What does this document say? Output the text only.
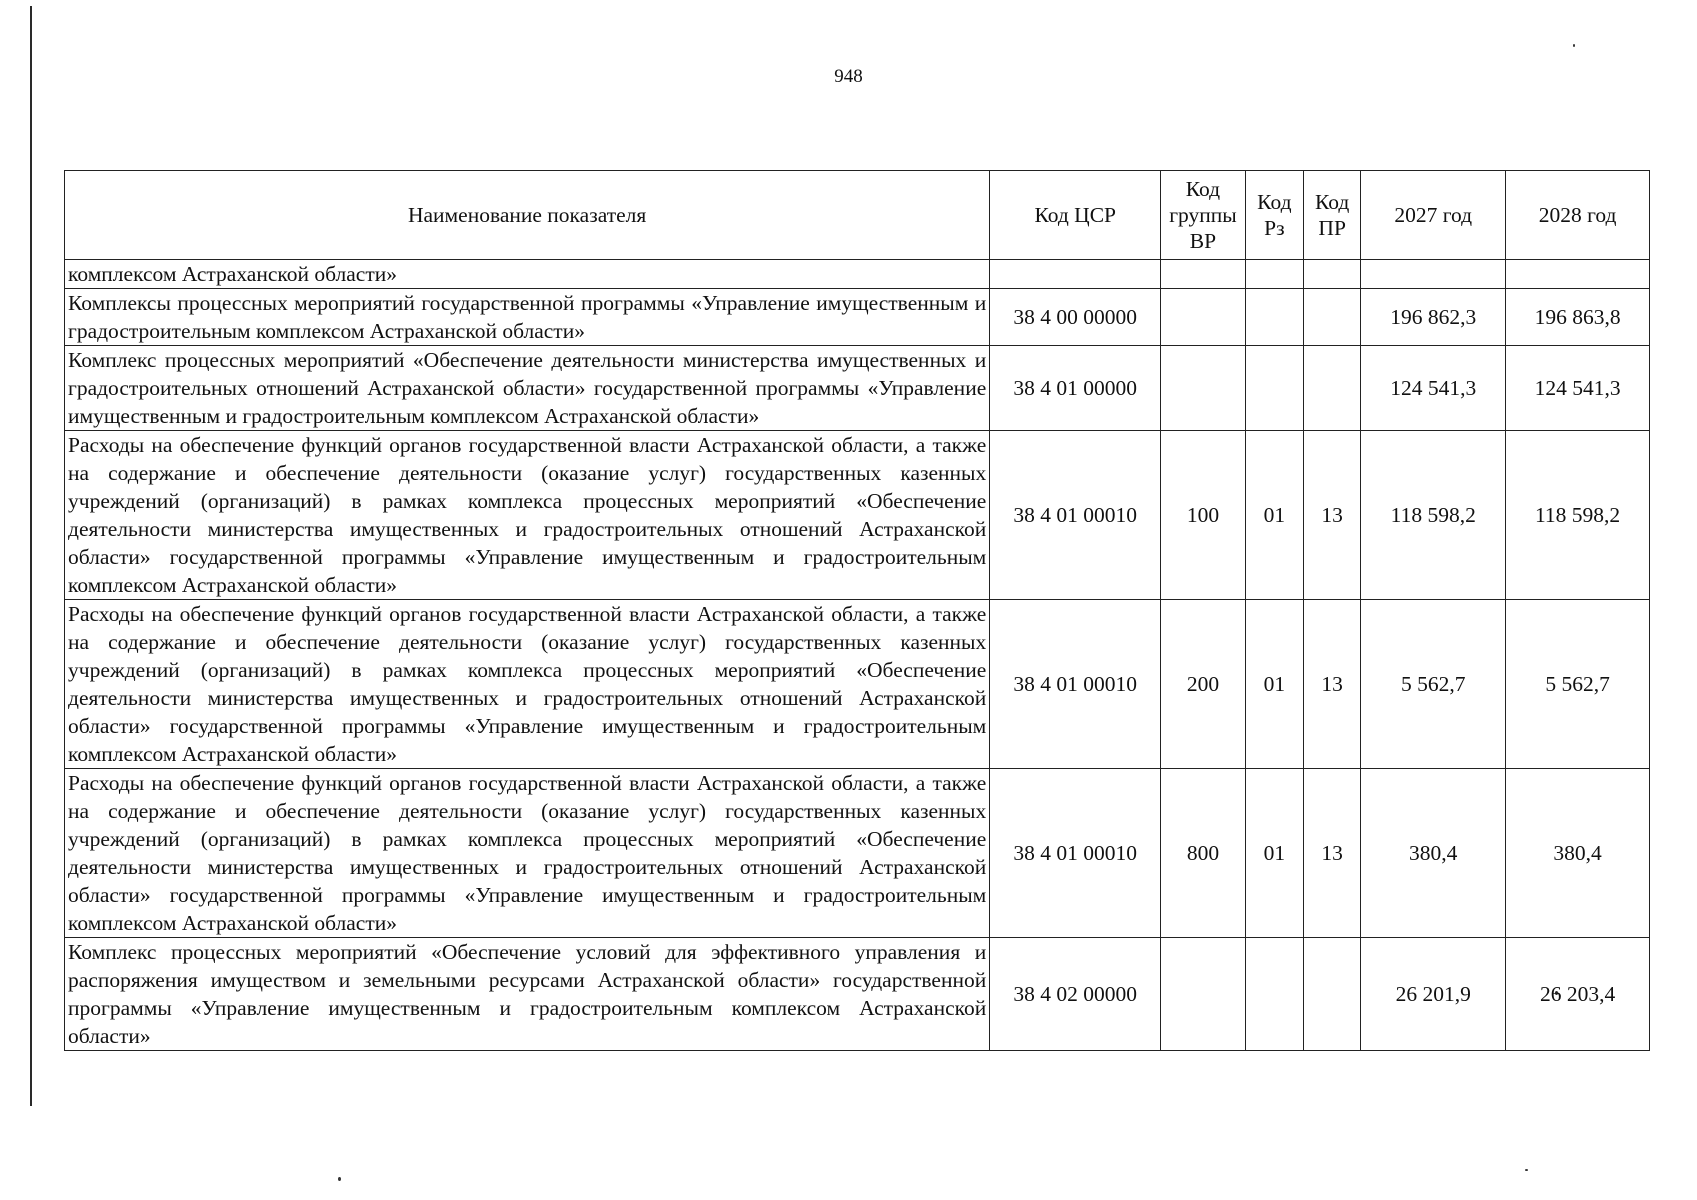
948
Наименование показателя	Код ЦСР	Код группы ВР	Код Рз	Код ПР	2027 год	2028 год
комплексом Астраханской области»						
Комплексы процессных мероприятий государственной программы «Управление имущественным и градостроительным комплексом Астраханской области»	38 4 00 00000				196 862,3	196 863,8
Комплекс процессных мероприятий «Обеспечение деятельности министерства имущественных и градостроительных отношений Астраханской области» государственной программы «Управление имущественным и градостроительным комплексом Астраханской области»	38 4 01 00000				124 541,3	124 541,3
Расходы на обеспечение функций органов государственной власти Астраханской области, а также на содержание и обеспечение деятельности (оказание услуг) государственных казенных учреждений (организаций) в рамках комплекса процессных мероприятий «Обеспечение деятельности министерства имущественных и градостроительных отношений Астраханской области» государственной программы «Управление имущественным и градостроительным комплексом Астраханской области»	38 4 01 00010	100	01	13	118 598,2	118 598,2
Расходы на обеспечение функций органов государственной власти Астраханской области, а также на содержание и обеспечение деятельности (оказание услуг) государственных казенных учреждений (организаций) в рамках комплекса процессных мероприятий «Обеспечение деятельности министерства имущественных и градостроительных отношений Астраханской области» государственной программы «Управление имущественным и градостроительным комплексом Астраханской области»	38 4 01 00010	200	01	13	5 562,7	5 562,7
Расходы на обеспечение функций органов государственной власти Астраханской области, а также на содержание и обеспечение деятельности (оказание услуг) государственных казенных учреждений (организаций) в рамках комплекса процессных мероприятий «Обеспечение деятельности министерства имущественных и градостроительных отношений Астраханской области» государственной программы «Управление имущественным и градостроительным комплексом Астраханской области»	38 4 01 00010	800	01	13	380,4	380,4
Комплекс процессных мероприятий «Обеспечение условий для эффективного управления и распоряжения имуществом и земельными ресурсами Астраханской области» государственной программы «Управление имущественным и градостроительным комплексом Астраханской области»	38 4 02 00000				26 201,9	26 203,4
